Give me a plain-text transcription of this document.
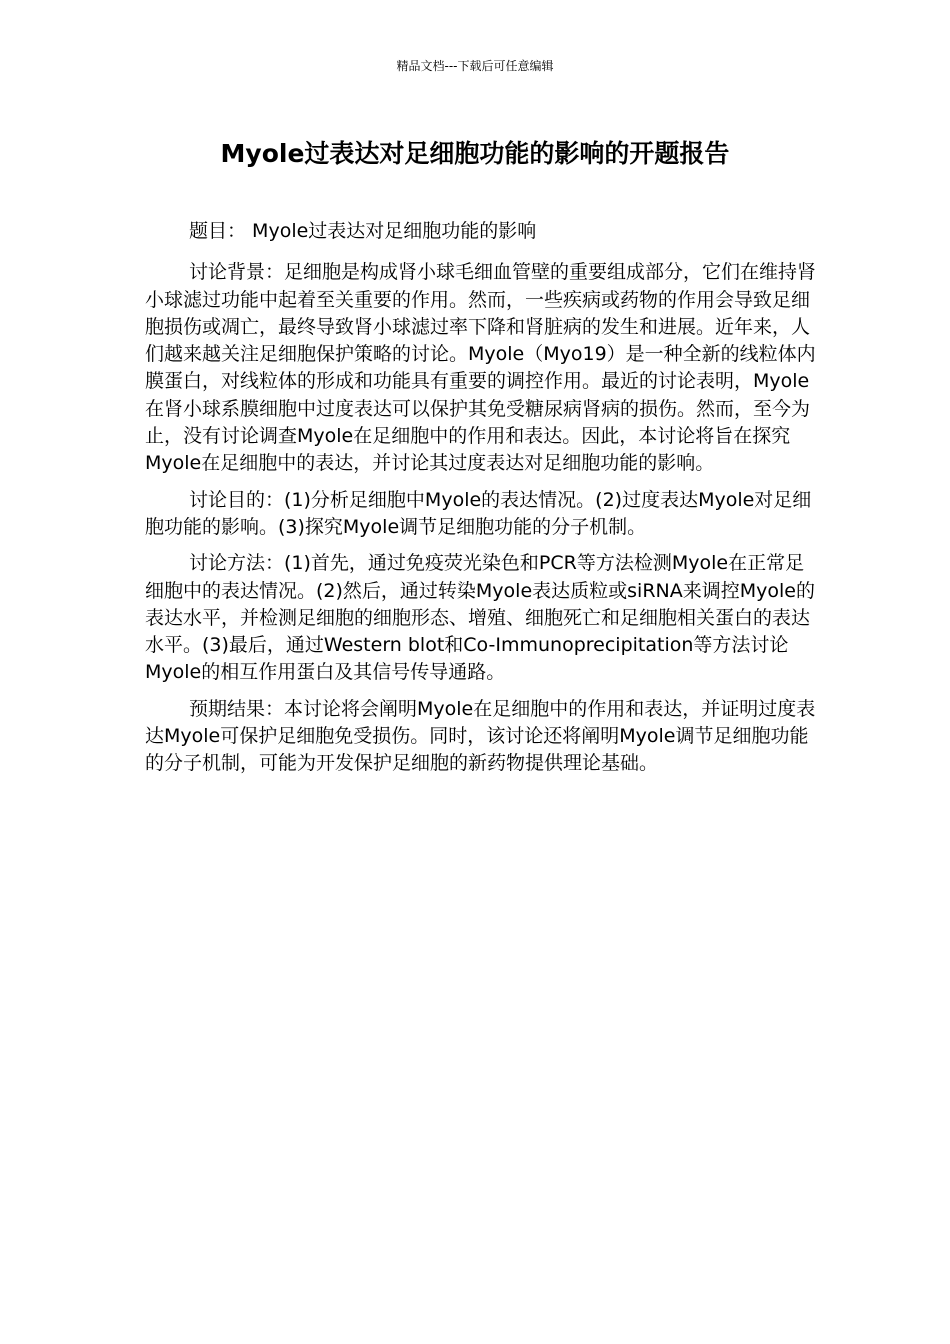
精品文档---下载后可任意编辑
Myole过表达对足细胞功能的影响的开题报告

题目： Myole过表达对足细胞功能的影响

讨论背景：足细胞是构成肾小球毛细血管壁的重要组成部分，它们在维持肾小球滤过功能中起着至关重要的作用。然而，一些疾病或药物的作用会导致足细胞损伤或凋亡，最终导致肾小球滤过率下降和肾脏病的发生和进展。近年来，人们越来越关注足细胞保护策略的讨论。Myole（Myo19）是一种全新的线粒体内膜蛋白，对线粒体的形成和功能具有重要的调控作用。最近的讨论表明，Myole在肾小球系膜细胞中过度表达可以保护其免受糖尿病肾病的损伤。然而，至今为止，没有讨论调查Myole在足细胞中的作用和表达。因此，本讨论将旨在探究Myole在足细胞中的表达，并讨论其过度表达对足细胞功能的影响。

讨论目的：(1)分析足细胞中Myole的表达情况。(2)过度表达Myole对足细胞功能的影响。(3)探究Myole调节足细胞功能的分子机制。

讨论方法：(1)首先，通过免疫荧光染色和PCR等方法检测Myole在正常足细胞中的表达情况。(2)然后，通过转染Myole表达质粒或siRNA来调控Myole的表达水平，并检测足细胞的细胞形态、增殖、细胞死亡和足细胞相关蛋白的表达水平。(3)最后，通过Western blot和Co-Immunoprecipitation等方法讨论Myole的相互作用蛋白及其信号传导通路。

预期结果：本讨论将会阐明Myole在足细胞中的作用和表达，并证明过度表达Myole可保护足细胞免受损伤。同时，该讨论还将阐明Myole调节足细胞功能的分子机制，可能为开发保护足细胞的新药物提供理论基础。
